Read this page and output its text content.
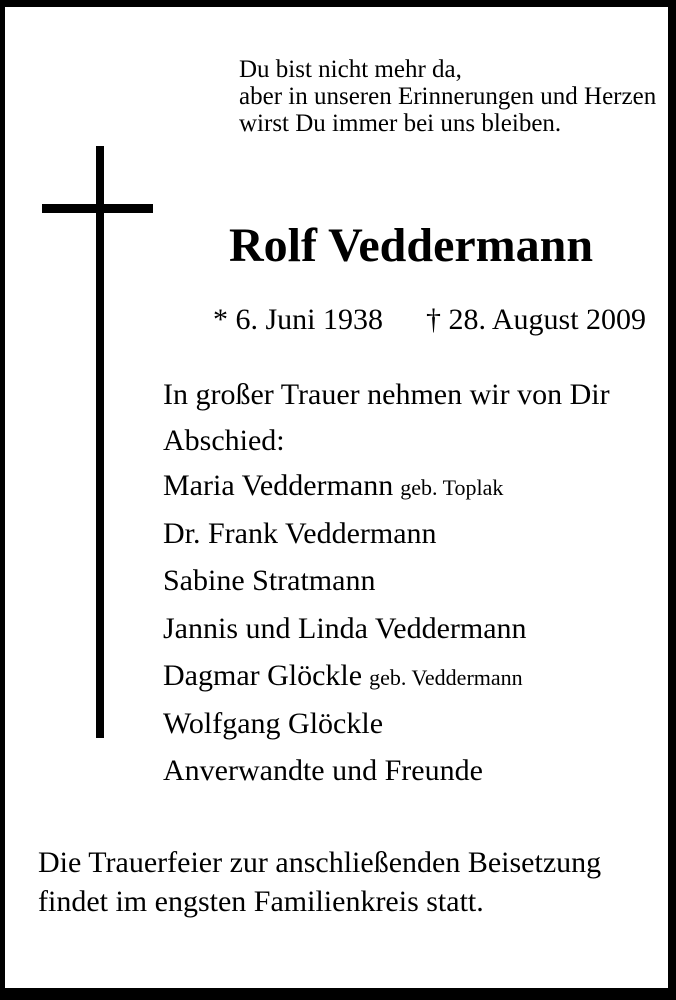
Du bist nicht mehr da,
aber in unseren Erinnerungen und Herzen
wirst Du immer bei uns bleiben.
Rolf Veddermann
* 6. Juni 1938 † 28. August 2009
In großer Trauer nehmen wir von Dir
Abschied:
Maria Veddermann geb. Toplak
Dr. Frank Veddermann
Sabine Stratmann
Jannis und Linda Veddermann
Dagmar Glöckle geb. Veddermann
Wolfgang Glöckle
Anverwandte und Freunde
Die Trauerfeier zur anschließenden Beisetzung
findet im engsten Familienkreis statt.
